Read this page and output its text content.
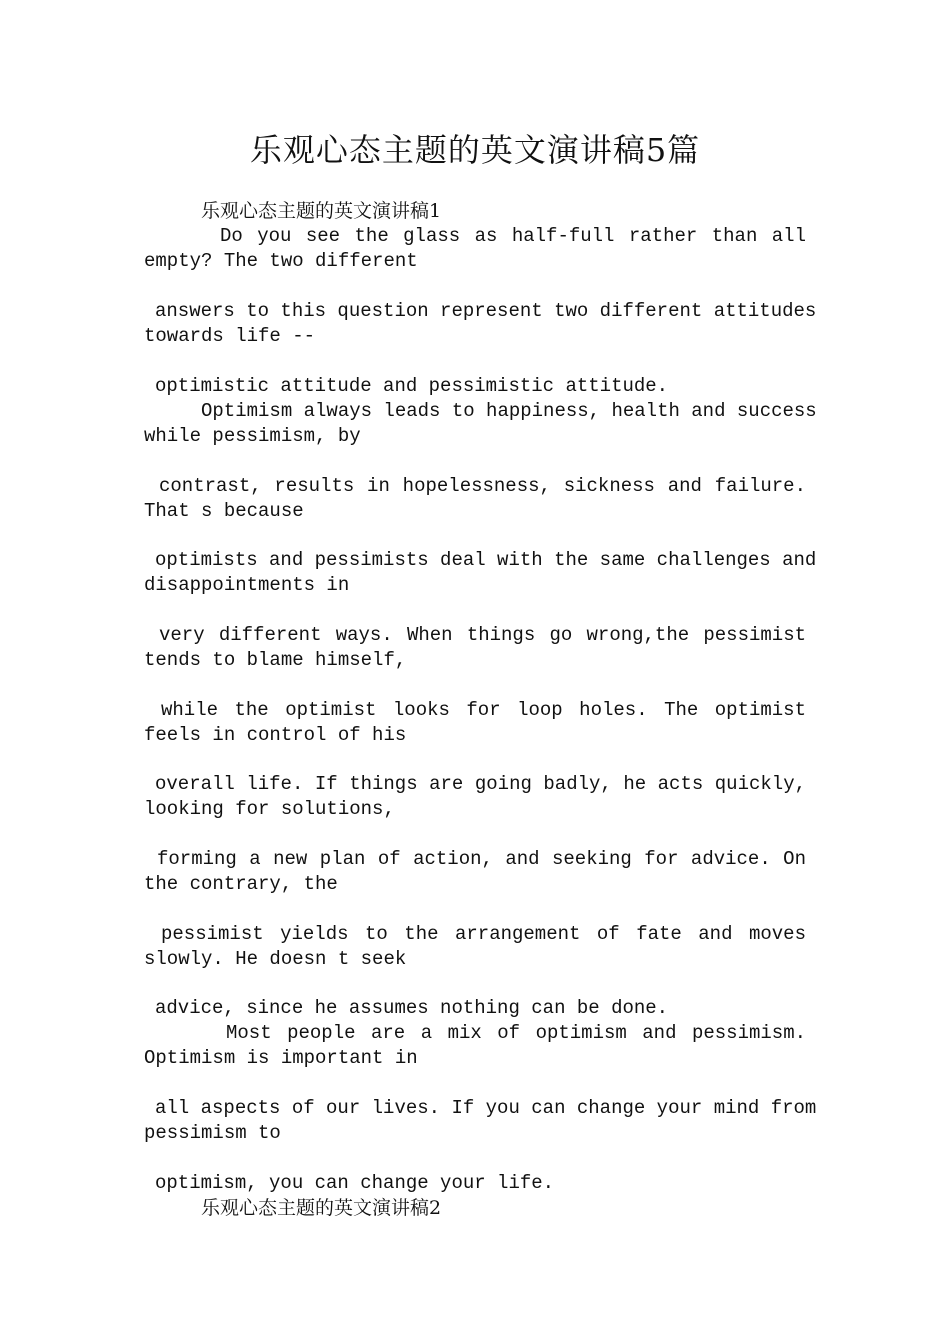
乐观心态主题的英文演讲稿5篇
乐观心态主题的英文演讲稿1
Do you see the glass as half-full rather than all
empty? The two different
answers to this question represent two different attitudes
towards life --
optimistic attitude and pessimistic attitude.
Optimism always leads to happiness, health and success
while pessimism, by
contrast, results in hopelessness, sickness and failure.
That s because
optimists and pessimists deal with the same challenges and
disappointments in
very different ways. When things go wrong,the pessimist
tends to blame himself,
while the optimist looks for loop holes. The optimist
feels in control of his
overall life. If things are going badly, he acts quickly,
looking for solutions,
forming a new plan of action, and seeking for advice. On
the contrary, the
pessimist yields to the arrangement of fate and moves
slowly. He doesn t seek
advice, since he assumes nothing can be done.
Most people are a mix of optimism and pessimism.
Optimism is important in
all aspects of our lives. If you can change your mind from
pessimism to
optimism, you can change your life.
乐观心态主题的英文演讲稿2
